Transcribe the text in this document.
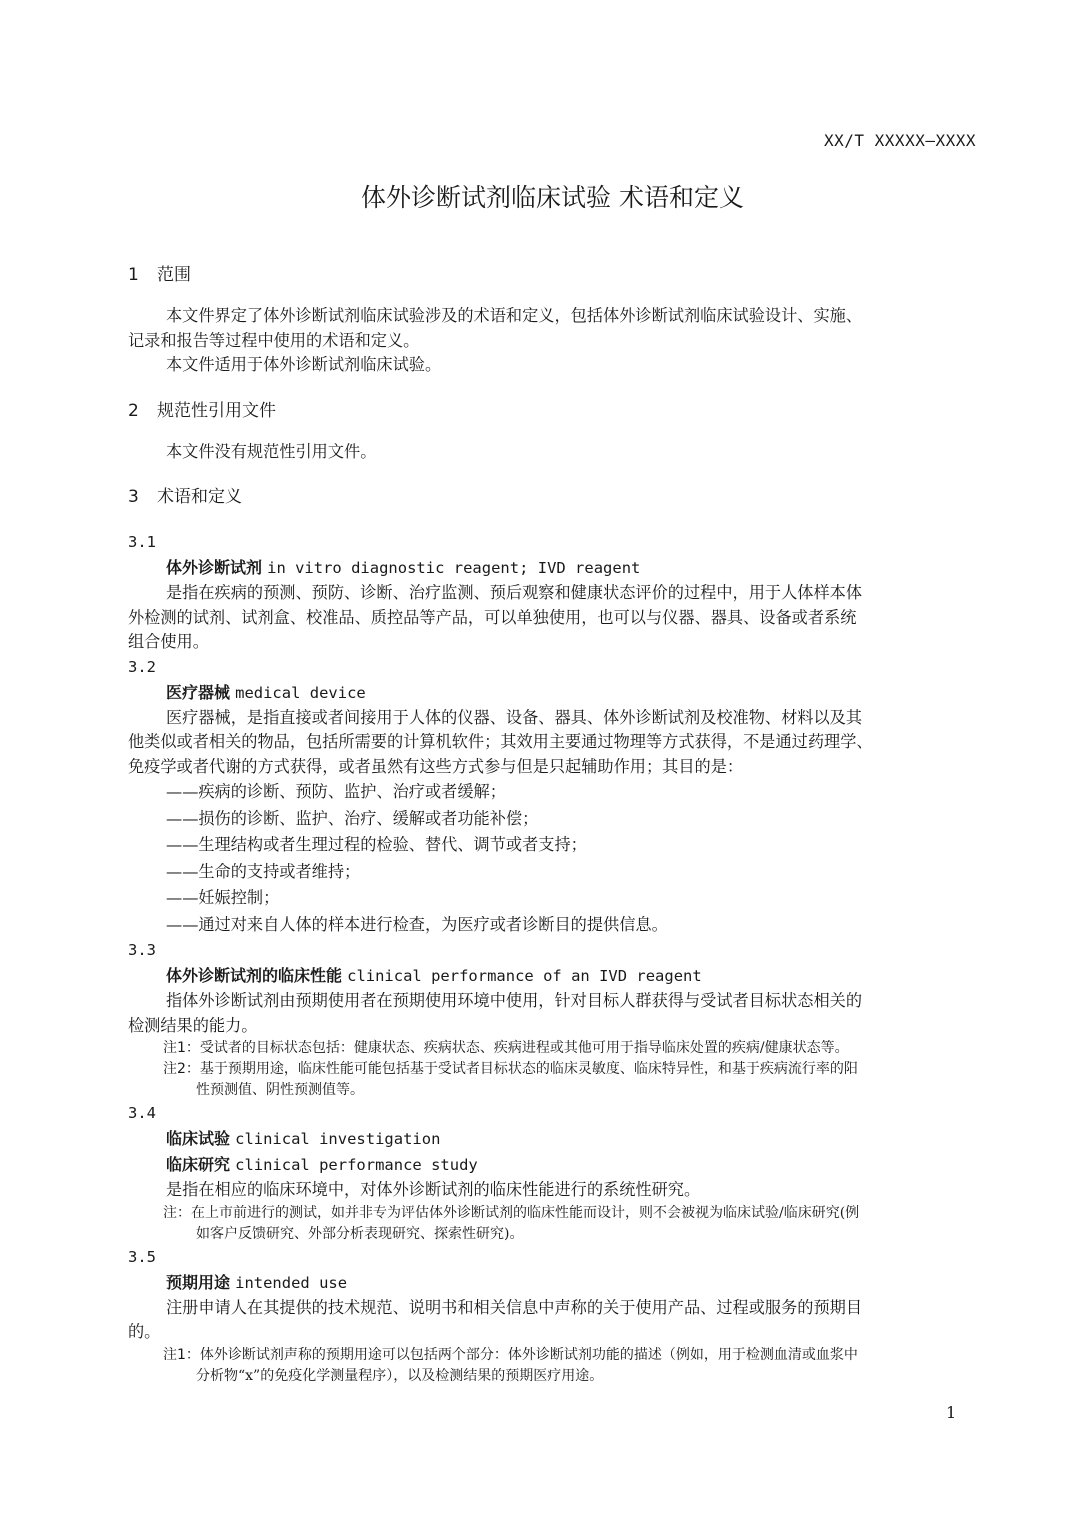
XX/T XXXXX—XXXX
体外诊断试剂临床试验 术语和定义

1 范围

本文件界定了体外诊断试剂临床试验涉及的术语和定义，包括体外诊断试剂临床试验设计、实施、

记录和报告等过程中使用的术语和定义。

本文件适用于体外诊断试剂临床试验。

2 规范性引用文件

本文件没有规范性引用文件。

3 术语和定义

3.1

体外诊断试剂 in vitro diagnostic reagent; IVD reagent

是指在疾病的预测、预防、诊断、治疗监测、预后观察和健康状态评价的过程中，用于人体样本体

外检测的试剂、试剂盒、校准品、质控品等产品，可以单独使用，也可以与仪器、器具、设备或者系统

组合使用。

3.2

医疗器械 medical device

医疗器械，是指直接或者间接用于人体的仪器、设备、器具、体外诊断试剂及校准物、材料以及其

他类似或者相关的物品，包括所需要的计算机软件；其效用主要通过物理等方式获得，不是通过药理学、

免疫学或者代谢的方式获得，或者虽然有这些方式参与但是只起辅助作用；其目的是：

——疾病的诊断、预防、监护、治疗或者缓解；

——损伤的诊断、监护、治疗、缓解或者功能补偿；

——生理结构或者生理过程的检验、替代、调节或者支持；

——生命的支持或者维持；

——妊娠控制；

——通过对来自人体的样本进行检查，为医疗或者诊断目的提供信息。

3.3

体外诊断试剂的临床性能 clinical performance of an IVD reagent

指体外诊断试剂由预期使用者在预期使用环境中使用，针对目标人群获得与受试者目标状态相关的

检测结果的能力。

注1：受试者的目标状态包括：健康状态、疾病状态、疾病进程或其他可用于指导临床处置的疾病/健康状态等。

注2：基于预期用途，临床性能可能包括基于受试者目标状态的临床灵敏度、临床特异性，和基于疾病流行率的阳
性预测值、阴性预测值等。

3.4

临床试验 clinical investigation

临床研究 clinical performance study

是指在相应的临床环境中，对体外诊断试剂的临床性能进行的系统性研究。

注：在上市前进行的测试，如并非专为评估体外诊断试剂的临床性能而设计，则不会被视为临床试验/临床研究(例
如客户反馈研究、外部分析表现研究、探索性研究)。

3.5

预期用途 intended use

注册申请人在其提供的技术规范、说明书和相关信息中声称的关于使用产品、过程或服务的预期目

的。

注1：体外诊断试剂声称的预期用途可以包括两个部分：体外诊断试剂功能的描述（例如，用于检测血清或血浆中
分析物“x”的免疫化学测量程序），以及检测结果的预期医疗用途。

1
